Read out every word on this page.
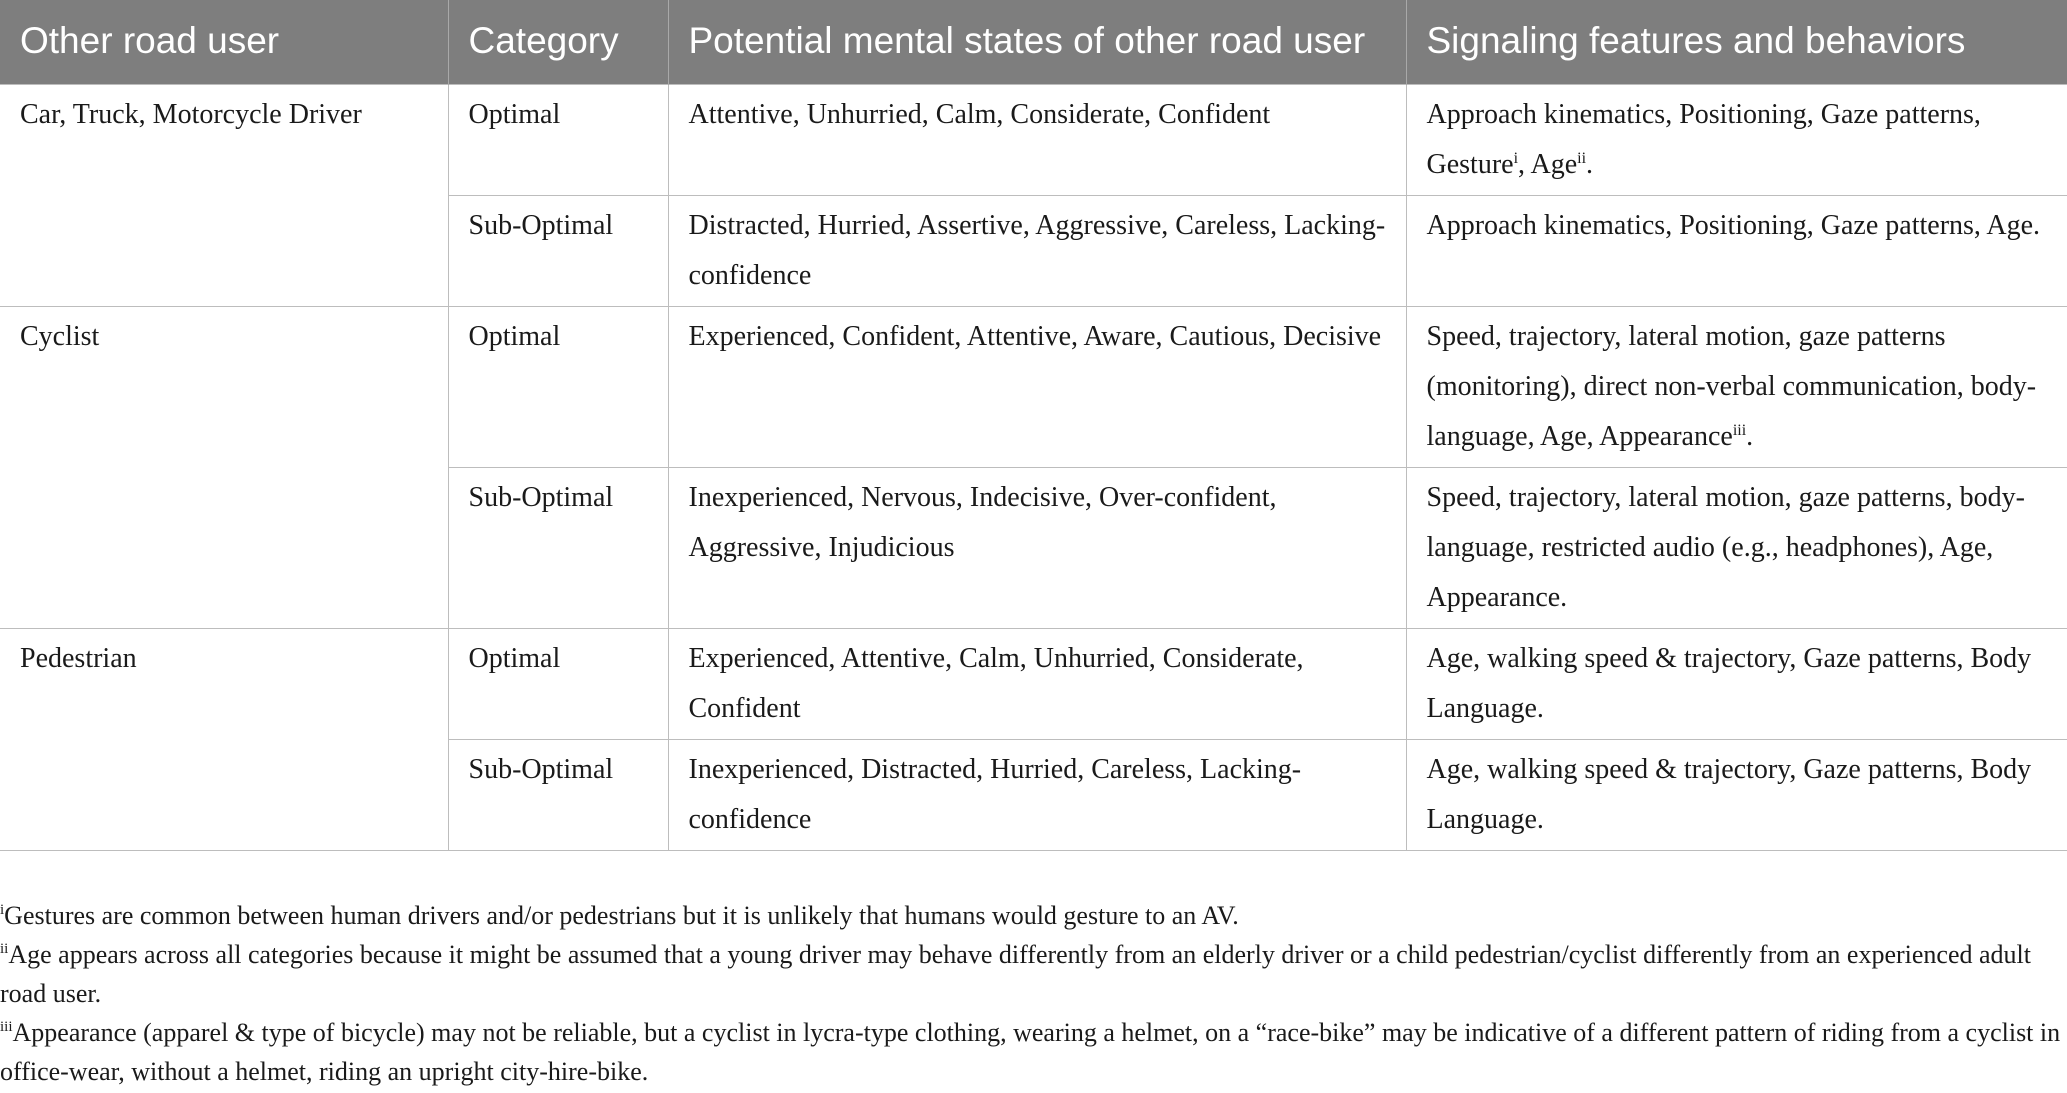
Other road user	Category	Potential mental states of other road user	Signaling features and behaviors
Car, Truck, Motorcycle Driver	Optimal	Attentive, Unhurried, Calm, Considerate, Confident	Approach kinematics, Positioning, Gaze patterns, Gesture$^i$, Age$^{ii}$.
	Sub-Optimal	Distracted, Hurried, Assertive, Aggressive, Careless, Lacking-confidence	Approach kinematics, Positioning, Gaze patterns, Age.
Cyclist	Optimal	Experienced, Confident, Attentive, Aware, Cautious, Decisive	Speed, trajectory, lateral motion, gaze patterns (monitoring), direct non-verbal communication, body-language, Age, Appearance$^{iii}$.
	Sub-Optimal	Inexperienced, Nervous, Indecisive, Over-confident, Aggressive, Injudicious	Speed, trajectory, lateral motion, gaze patterns, body-language, restricted audio (e.g., headphones), Age, Appearance.
Pedestrian	Optimal	Experienced, Attentive, Calm, Unhurried, Considerate, Confident	Age, walking speed & trajectory, Gaze patterns, Body Language.
	Sub-Optimal	Inexperienced, Distracted, Hurried, Careless, Lacking-confidence	Age, walking speed & trajectory, Gaze patterns, Body Language.

$^i$Gestures are common between human drivers and/or pedestrians but it is unlikely that humans would gesture to an AV.

$^{ii}$Age appears across all categories because it might be assumed that a young driver may behave differently from an elderly driver or a child pedestrian/cyclist differently from an experienced adult road user.

$^{iii}$Appearance (apparel & type of bicycle) may not be reliable, but a cyclist in lycra-type clothing, wearing a helmet, on a “race-bike” may be indicative of a different pattern of riding from a cyclist in office-wear, without a helmet, riding an upright city-hire-bike.
